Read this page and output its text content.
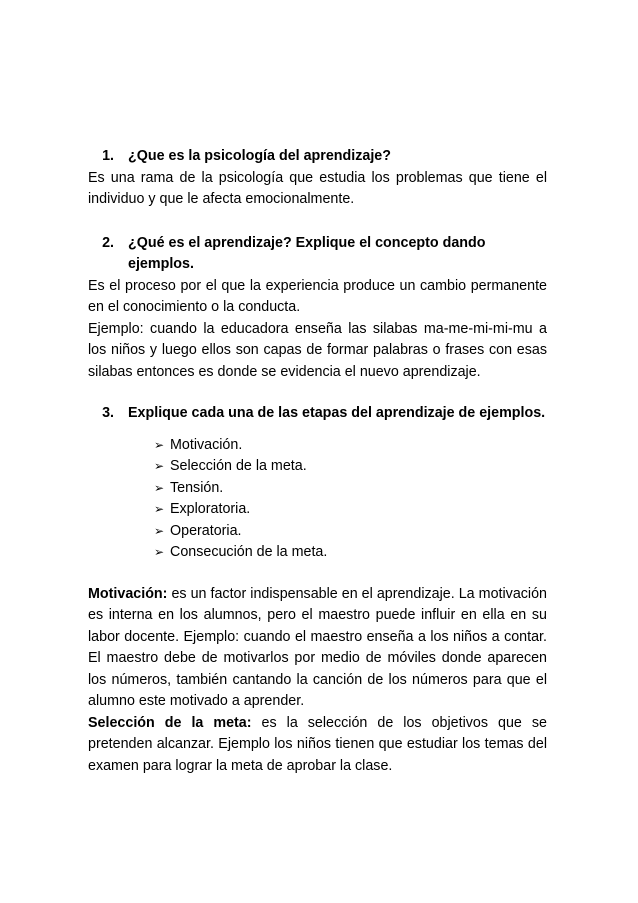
1. ¿Que es la psicología del aprendizaje?

Es una rama de la psicología que estudia los problemas que tiene el individuo y que le afecta emocionalmente.

2. ¿Qué es el aprendizaje? Explique el concepto dando ejemplos.

Es el proceso por el que la experiencia produce un cambio permanente en el conocimiento o la conducta.

Ejemplo: cuando la educadora enseña las silabas ma-me-mi-mi-mu a los niños y luego ellos son capas de formar palabras o frases con esas silabas entonces es donde se evidencia el nuevo aprendizaje.

3. Explique cada una de las etapas del aprendizaje de ejemplos.
➢ Motivación.
➢ Selección de la meta.
➢ Tensión.
➢ Exploratoria.
➢ Operatoria.
➢ Consecución de la meta.

Motivación: es un factor indispensable en el aprendizaje. La motivación es interna en los alumnos, pero el maestro puede influir en ella en su labor docente. Ejemplo: cuando el maestro enseña a los niños a contar. El maestro debe de motivarlos por medio de móviles donde aparecen los números, también cantando la canción de los números para que el alumno este motivado a aprender.

Selección de la meta: es la selección de los objetivos que se pretenden alcanzar. Ejemplo los niños tienen que estudiar los temas del examen para lograr la meta de aprobar la clase.
